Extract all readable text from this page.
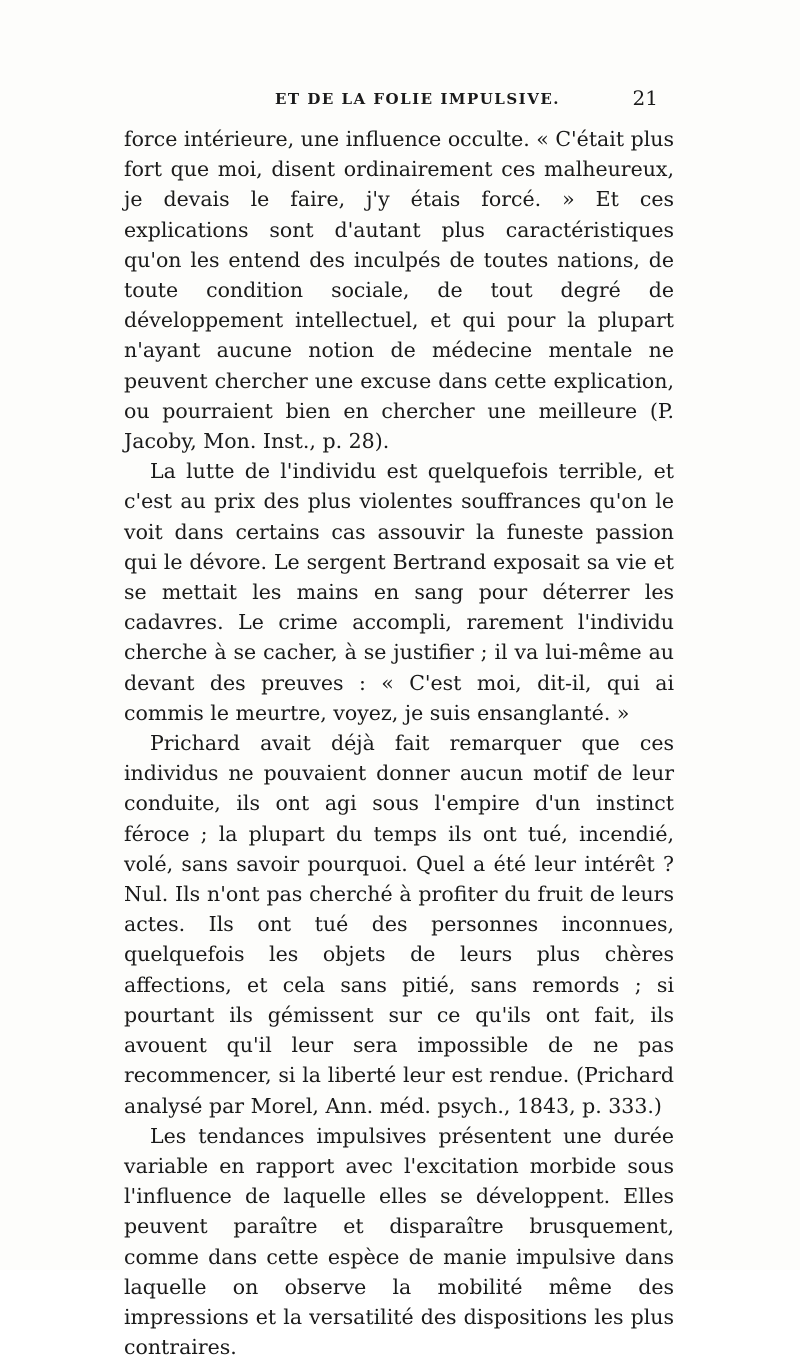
ET DE LA FOLIE IMPULSIVE.	21

force intérieure, une influence occulte. « C'était plus fort que moi, disent ordinairement ces malheureux, je devais le faire, j'y étais forcé. » Et ces explications sont d'autant plus caractéristiques qu'on les entend des inculpés de toutes nations, de toute condition sociale, de tout degré de développement intellectuel, et qui pour la plupart n'ayant aucune notion de médecine mentale ne peuvent chercher une excuse dans cette explication, ou pourraient bien en chercher une meilleure (P. Jacoby, Mon. Inst., p. 28).

La lutte de l'individu est quelquefois terrible, et c'est au prix des plus violentes souffrances qu'on le voit dans certains cas assouvir la funeste passion qui le dévore. Le sergent Bertrand exposait sa vie et se mettait les mains en sang pour déterrer les cadavres. Le crime accompli, rarement l'individu cherche à se cacher, à se justifier ; il va lui-même au devant des preuves : « C'est moi, dit-il, qui ai commis le meurtre, voyez, je suis ensanglanté. »

Prichard avait déjà fait remarquer que ces individus ne pouvaient donner aucun motif de leur conduite, ils ont agi sous l'empire d'un instinct féroce ; la plupart du temps ils ont tué, incendié, volé, sans savoir pourquoi. Quel a été leur intérêt ? Nul. Ils n'ont pas cherché à profiter du fruit de leurs actes. Ils ont tué des personnes inconnues, quelquefois les objets de leurs plus chères affections, et cela sans pitié, sans remords ; si pourtant ils gémissent sur ce qu'ils ont fait, ils avouent qu'il leur sera impossible de ne pas recommencer, si la liberté leur est rendue. (Prichard analysé par Morel, Ann. méd. psych., 1843, p. 333.)

Les tendances impulsives présentent une durée variable en rapport avec l'excitation morbide sous l'influence de laquelle elles se développent. Elles peuvent paraître et disparaître brusquement, comme dans cette espèce de manie impulsive dans laquelle on observe la mobilité même des impressions et la versatilité des dispositions les plus contraires.
